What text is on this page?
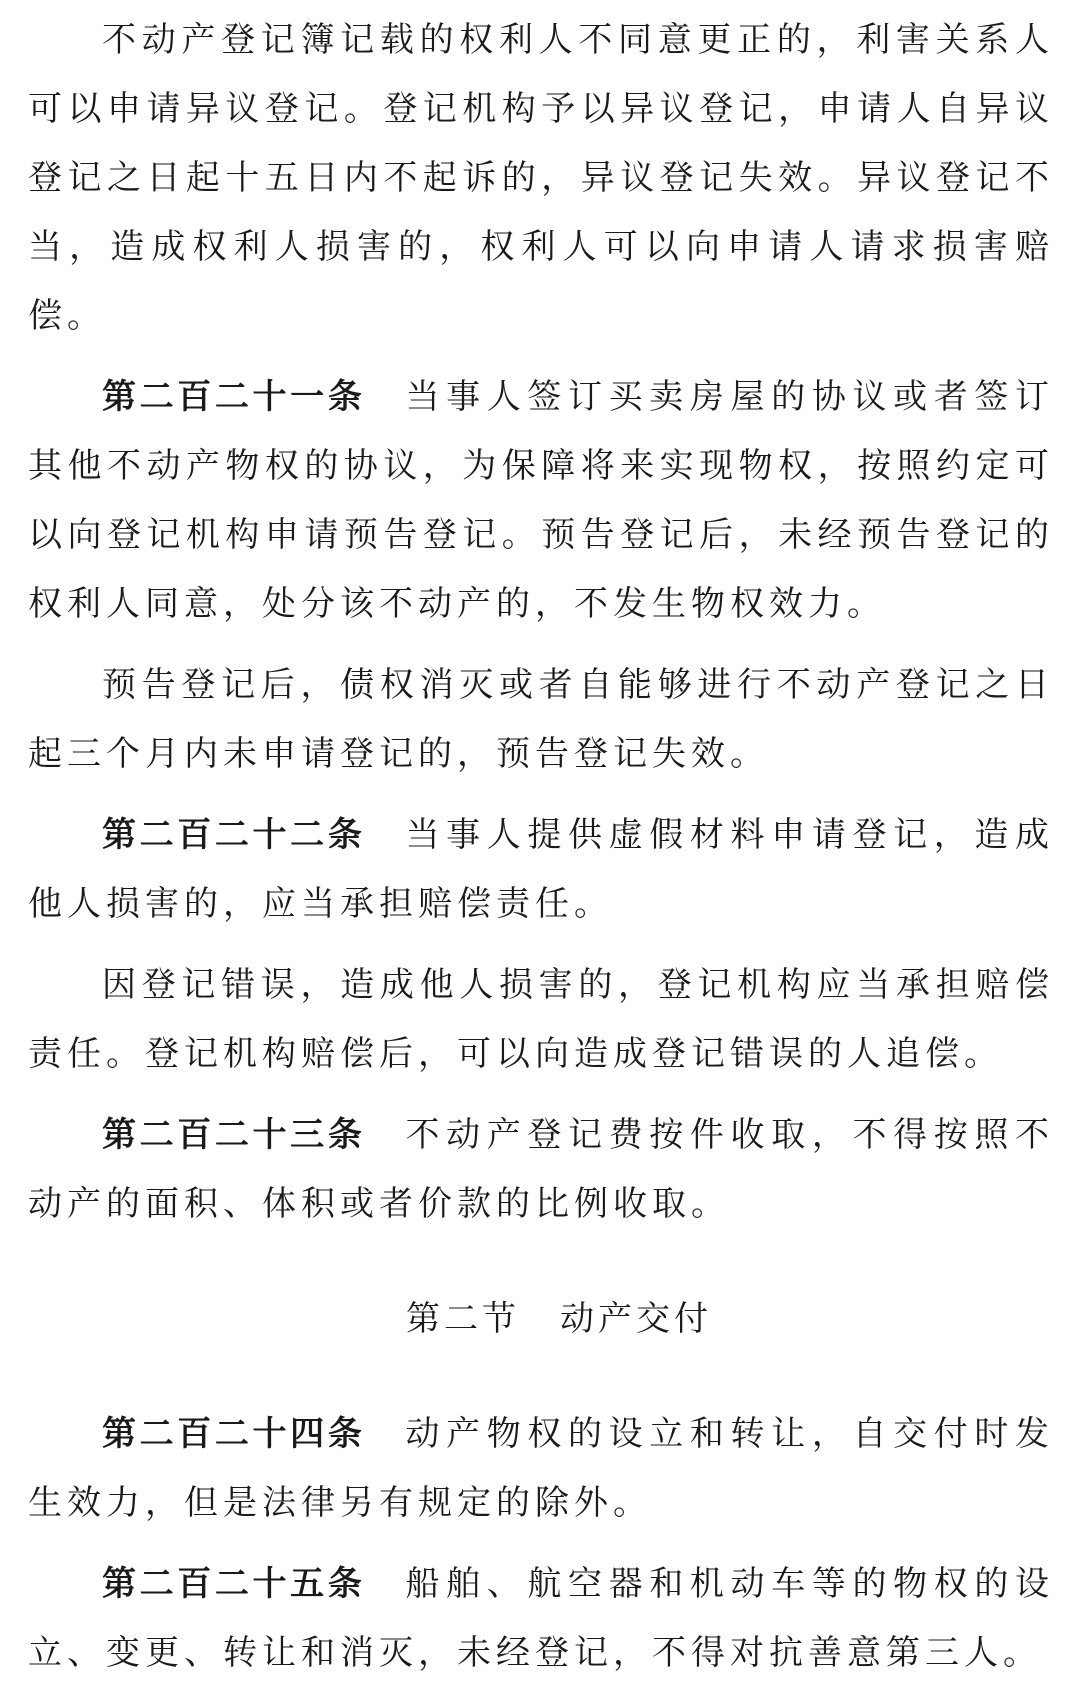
不动产登记簿记载的权利人不同意更正的，利害关系人可以申请异议登记。登记机构予以异议登记，申请人自异议登记之日起十五日内不起诉的，异议登记失效。异议登记不当，造成权利人损害的，权利人可以向申请人请求损害赔偿。

第二百二十一条 当事人签订买卖房屋的协议或者签订其他不动产物权的协议，为保障将来实现物权，按照约定可以向登记机构申请预告登记。预告登记后，未经预告登记的权利人同意，处分该不动产的，不发生物权效力。

预告登记后，债权消灭或者自能够进行不动产登记之日起三个月内未申请登记的，预告登记失效。

第二百二十二条 当事人提供虚假材料申请登记，造成他人损害的，应当承担赔偿责任。

因登记错误，造成他人损害的，登记机构应当承担赔偿责任。登记机构赔偿后，可以向造成登记错误的人追偿。

第二百二十三条 不动产登记费按件收取，不得按照不动产的面积、体积或者价款的比例收取。

第二节 动产交付

第二百二十四条 动产物权的设立和转让，自交付时发生效力，但是法律另有规定的除外。

第二百二十五条 船舶、航空器和机动车等的物权的设立、变更、转让和消灭，未经登记，不得对抗善意第三人。
